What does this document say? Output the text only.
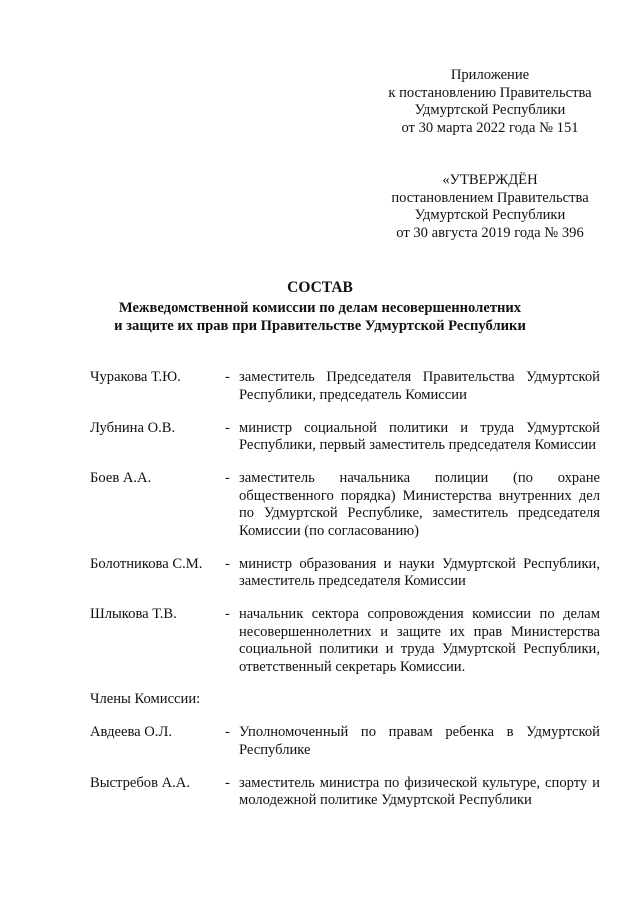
Приложение
к постановлению Правительства
Удмуртской Республики
от 30 марта 2022 года № 151
«УТВЕРЖДЁН
постановлением Правительства
Удмуртской Республики
от 30 августа 2019 года № 396
СОСТАВ
Межведомственной комиссии по делам несовершеннолетних
и защите их прав при Правительстве Удмуртской Республики
Чуракова Т.Ю.	- заместитель Председателя Правительства Удмуртской Республики, председатель Комиссии
Лубнина О.В.	- министр социальной политики и труда Удмуртской Республики, первый заместитель председателя Комиссии
Боев А.А.	- заместитель начальника полиции (по охране общественного порядка) Министерства внутренних дел по Удмуртской Республике, заместитель председателя Комиссии (по согласованию)
Болотникова С.М.	- министр образования и науки Удмуртской Республики, заместитель председателя Комиссии
Шлыкова Т.В.	- начальник сектора сопровождения комиссии по делам несовершеннолетних и защите их прав Министерства социальной политики и труда Удмуртской Республики, ответственный секретарь Комиссии.
Члены Комиссии:
Авдеева О.Л.	- Уполномоченный по правам ребенка в Удмуртской Республике
Выстребов А.А.	- заместитель министра по физической культуре, спорту и молодежной политике Удмуртской Республики
